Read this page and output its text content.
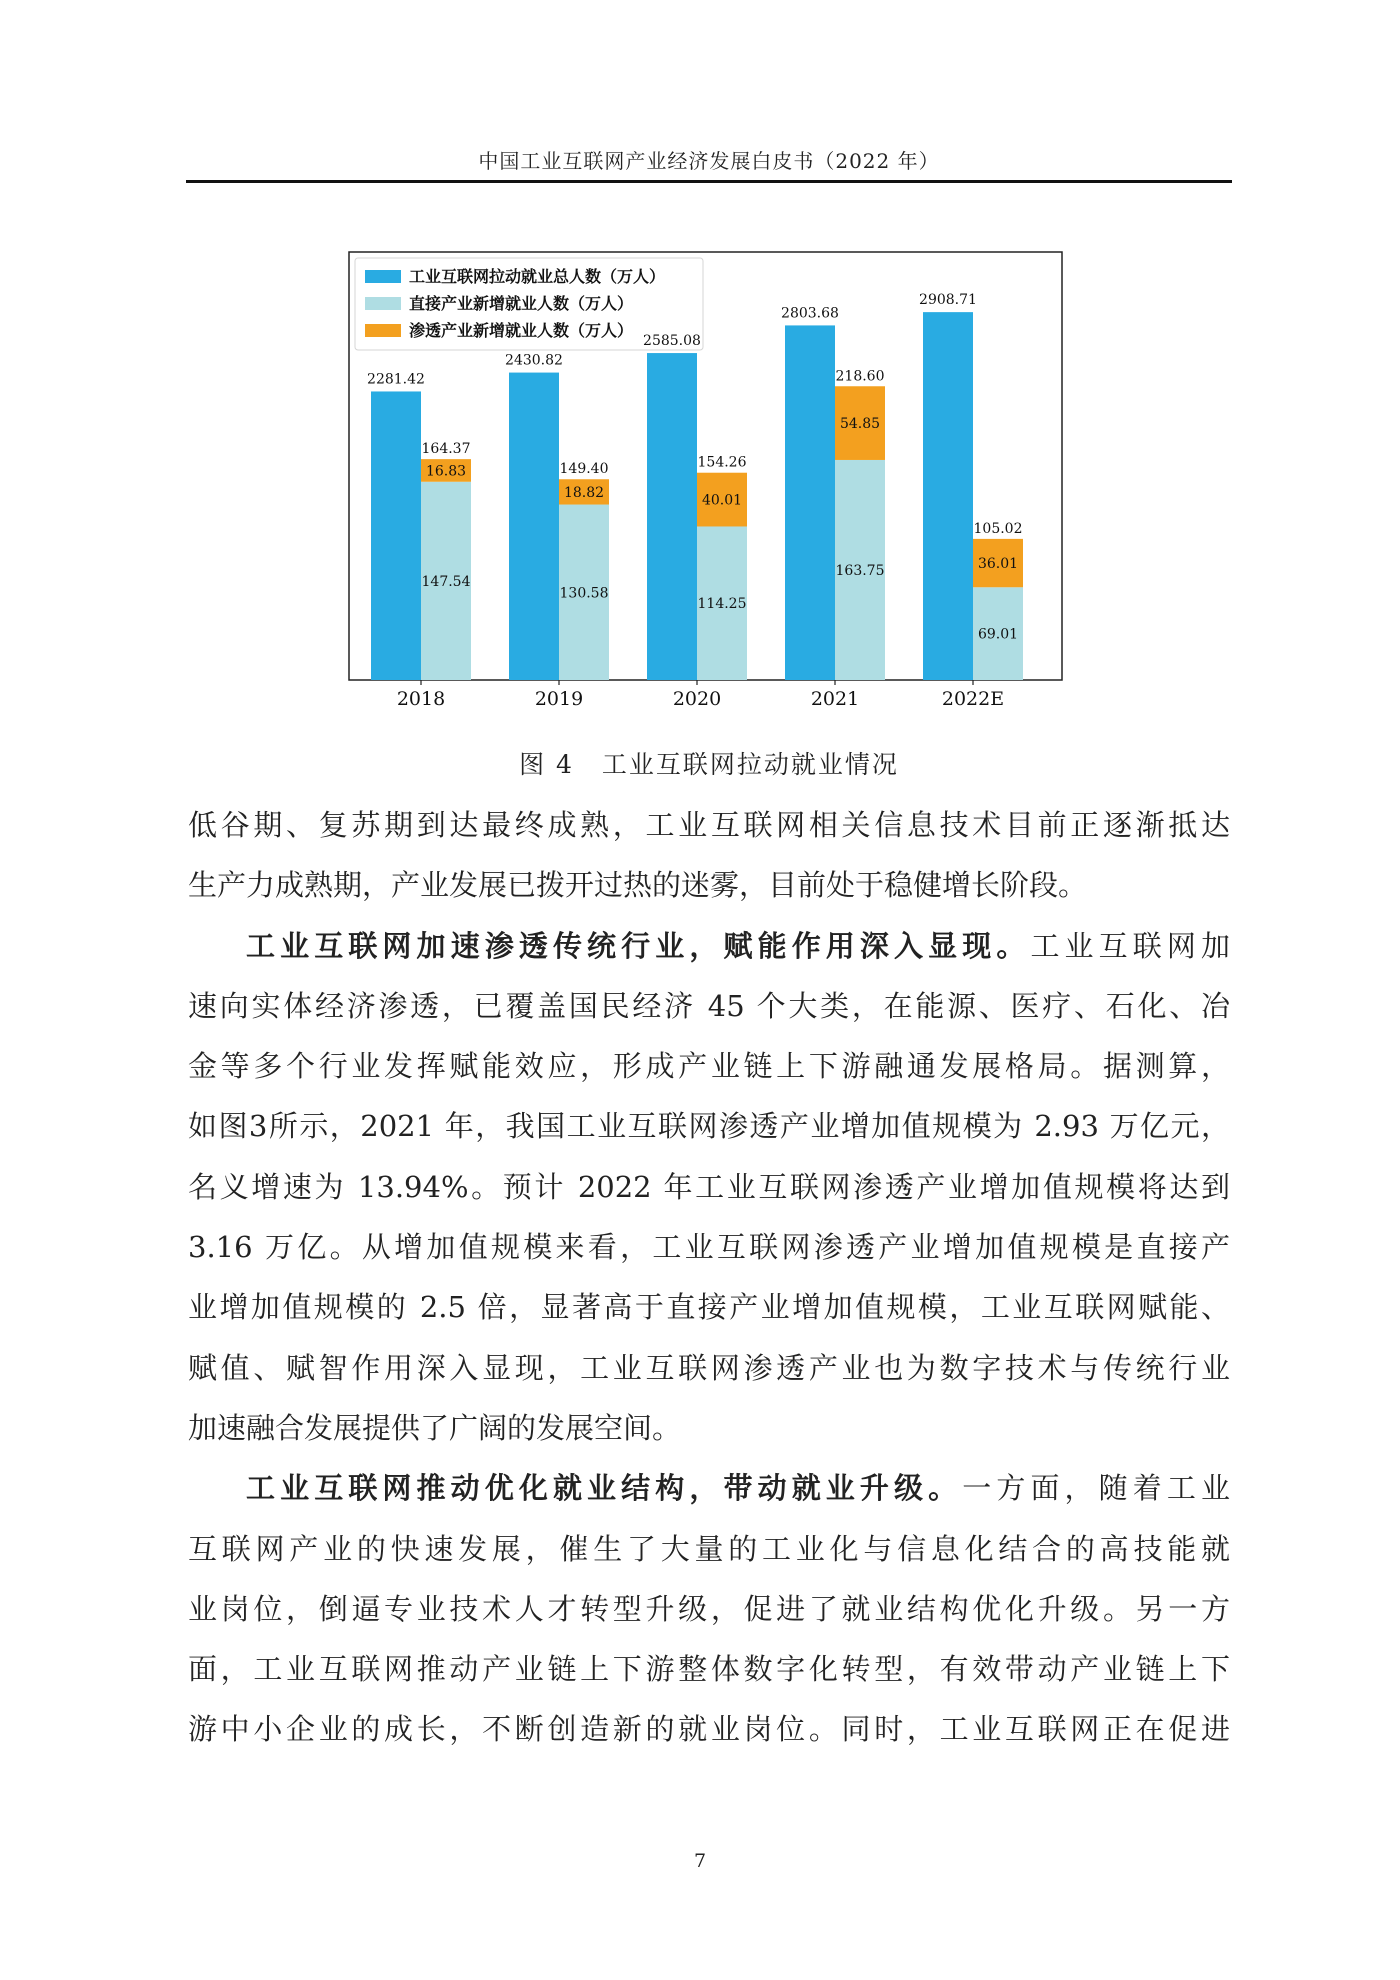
中国工业互联网产业经济发展白皮书（2022 年）
工业互联网拉动就业总人数（万人）
直接产业新增就业人数（万人）
渗透产业新增就业人数（万人）
2281.42
147.54
16.83
164.37
2430.82
130.58
18.82
149.40
2585.08
114.25
40.01
154.26
2803.68
163.75
54.85
218.60
2908.71
69.01
36.01
105.02
2018	2019	2020	2021	2022E
图 4 工业互联网拉动就业情况

低谷期、复苏期到达最终成熟，工业互联网相关信息技术目前正逐渐抵达

生产力成熟期，产业发展已拨开过热的迷雾，目前处于稳健增长阶段。

工业互联网加速渗透传统行业，赋能作用深入显现。工业互联网加

速向实体经济渗透，已覆盖国民经济 45 个大类，在能源、医疗、石化、冶

金等多个行业发挥赋能效应，形成产业链上下游融通发展格局。据测算，

如图3所示，2021 年，我国工业互联网渗透产业增加值规模为 2.93 万亿元，

名义增速为 13.94%。预计 2022 年工业互联网渗透产业增加值规模将达到

3.16 万亿。从增加值规模来看，工业互联网渗透产业增加值规模是直接产

业增加值规模的 2.5 倍，显著高于直接产业增加值规模，工业互联网赋能、

赋值、赋智作用深入显现，工业互联网渗透产业也为数字技术与传统行业

加速融合发展提供了广阔的发展空间。

工业互联网推动优化就业结构，带动就业升级。一方面，随着工业

互联网产业的快速发展，催生了大量的工业化与信息化结合的高技能就

业岗位，倒逼专业技术人才转型升级，促进了就业结构优化升级。另一方

面，工业互联网推动产业链上下游整体数字化转型，有效带动产业链上下

游中小企业的成长，不断创造新的就业岗位。同时，工业互联网正在促进

7
